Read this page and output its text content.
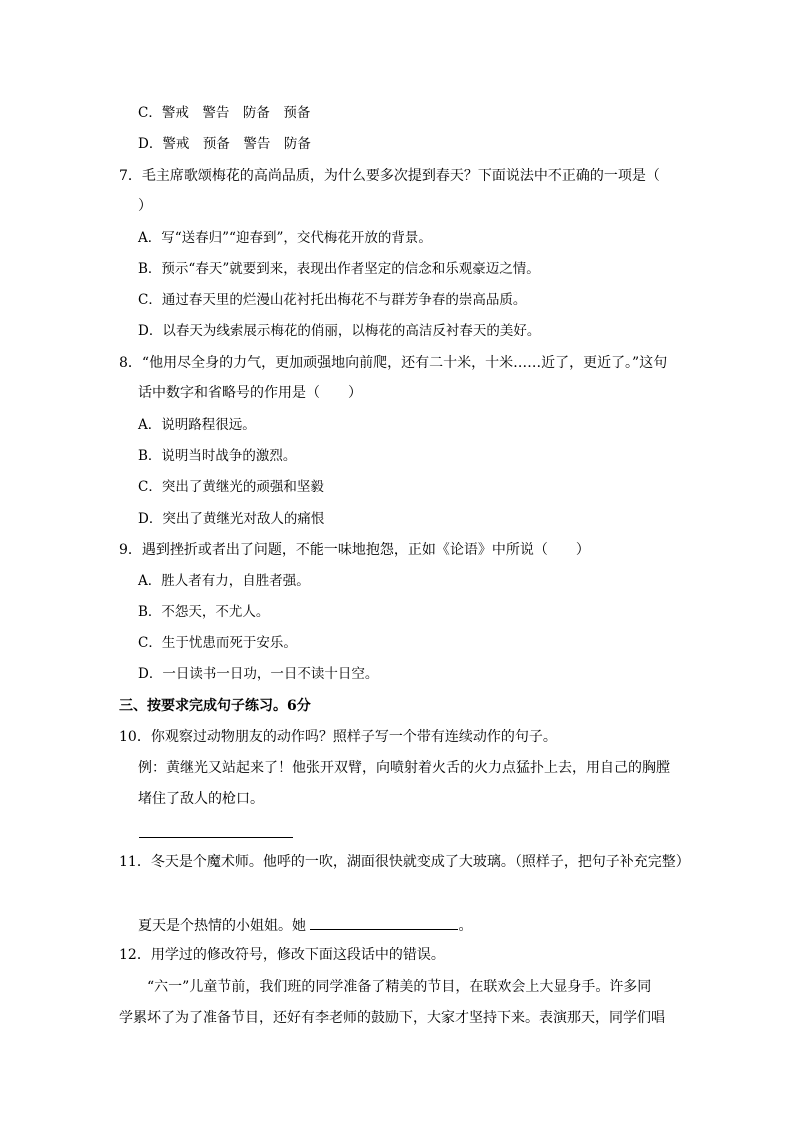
C．警戒　警告　防备　预备
D．警戒　预备　警告　防备
7．毛主席歌颂梅花的高尚品质，为什么要多次提到春天？下面说法中不正确的一项是（
）
A．写“送春归”“迎春到”，交代梅花开放的背景。
B．预示“春天”就要到来，表现出作者坚定的信念和乐观豪迈之情。
C．通过春天里的烂漫山花衬托出梅花不与群芳争春的崇高品质。
D．以春天为线索展示梅花的俏丽，以梅花的高洁反衬春天的美好。
8．“他用尽全身的力气，更加顽强地向前爬，还有二十米，十米……近了，更近了。”这句
话中数字和省略号的作用是（　　）
A．说明路程很远。
B．说明当时战争的激烈。
C．突出了黄继光的顽强和坚毅
D．突出了黄继光对敌人的痛恨
9．遇到挫折或者出了问题，不能一味地抱怨，正如《论语》中所说（　　）
A．胜人者有力，自胜者强。
B．不怨天，不尤人。
C．生于忧患而死于安乐。
D．一日读书一日功，一日不读十日空。
三、按要求完成句子练习。6分
10．你观察过动物朋友的动作吗？照样子写一个带有连续动作的句子。
例：黄继光又站起来了！他张开双臂，向喷射着火舌的火力点猛扑上去，用自己的胸膛
堵住了敌人的枪口。
11．冬天是个魔术师。他呼的一吹，湖面很快就变成了大玻璃。（照样子，把句子补充完整）
夏天是个热情的小姐姐。她	。
12．用学过的修改符号，修改下面这段话中的错误。
“六一”儿童节前，我们班的同学准备了精美的节目，在联欢会上大显身手。许多同
学累坏了为了准备节目，还好有李老师的鼓励下，大家才坚持下来。表演那天，同学们唱
